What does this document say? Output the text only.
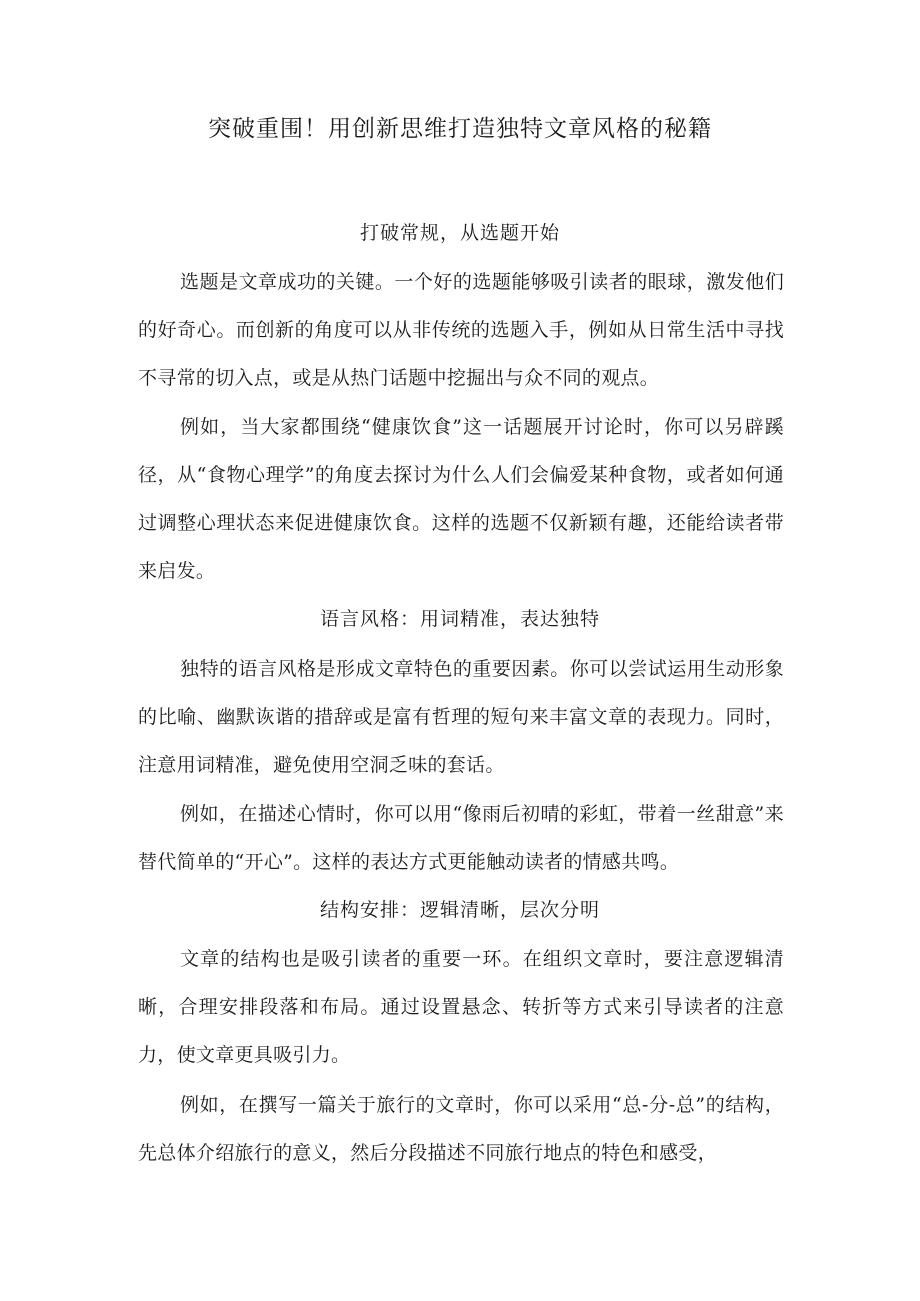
突破重围！用创新思维打造独特文章风格的秘籍
打破常规，从选题开始

选题是文章成功的关键。一个好的选题能够吸引读者的眼球，激发他们的好奇心。而创新的角度可以从非传统的选题入手，例如从日常生活中寻找不寻常的切入点，或是从热门话题中挖掘出与众不同的观点。

例如，当大家都围绕“健康饮食”这一话题展开讨论时，你可以另辟蹊径，从“食物心理学”的角度去探讨为什么人们会偏爱某种食物，或者如何通过调整心理状态来促进健康饮食。这样的选题不仅新颖有趣，还能给读者带来启发。

语言风格：用词精准，表达独特

独特的语言风格是形成文章特色的重要因素。你可以尝试运用生动形象的比喻、幽默诙谐的措辞或是富有哲理的短句来丰富文章的表现力。同时，注意用词精准，避免使用空洞乏味的套话。

例如，在描述心情时，你可以用“像雨后初晴的彩虹，带着一丝甜意”来替代简单的“开心”。这样的表达方式更能触动读者的情感共鸣。

结构安排：逻辑清晰，层次分明

文章的结构也是吸引读者的重要一环。在组织文章时，要注意逻辑清晰，合理安排段落和布局。通过设置悬念、转折等方式来引导读者的注意力，使文章更具吸引力。

例如，在撰写一篇关于旅行的文章时，你可以采用“总-分-总”的结构，先总体介绍旅行的意义，然后分段描述不同旅行地点的特色和感受，
